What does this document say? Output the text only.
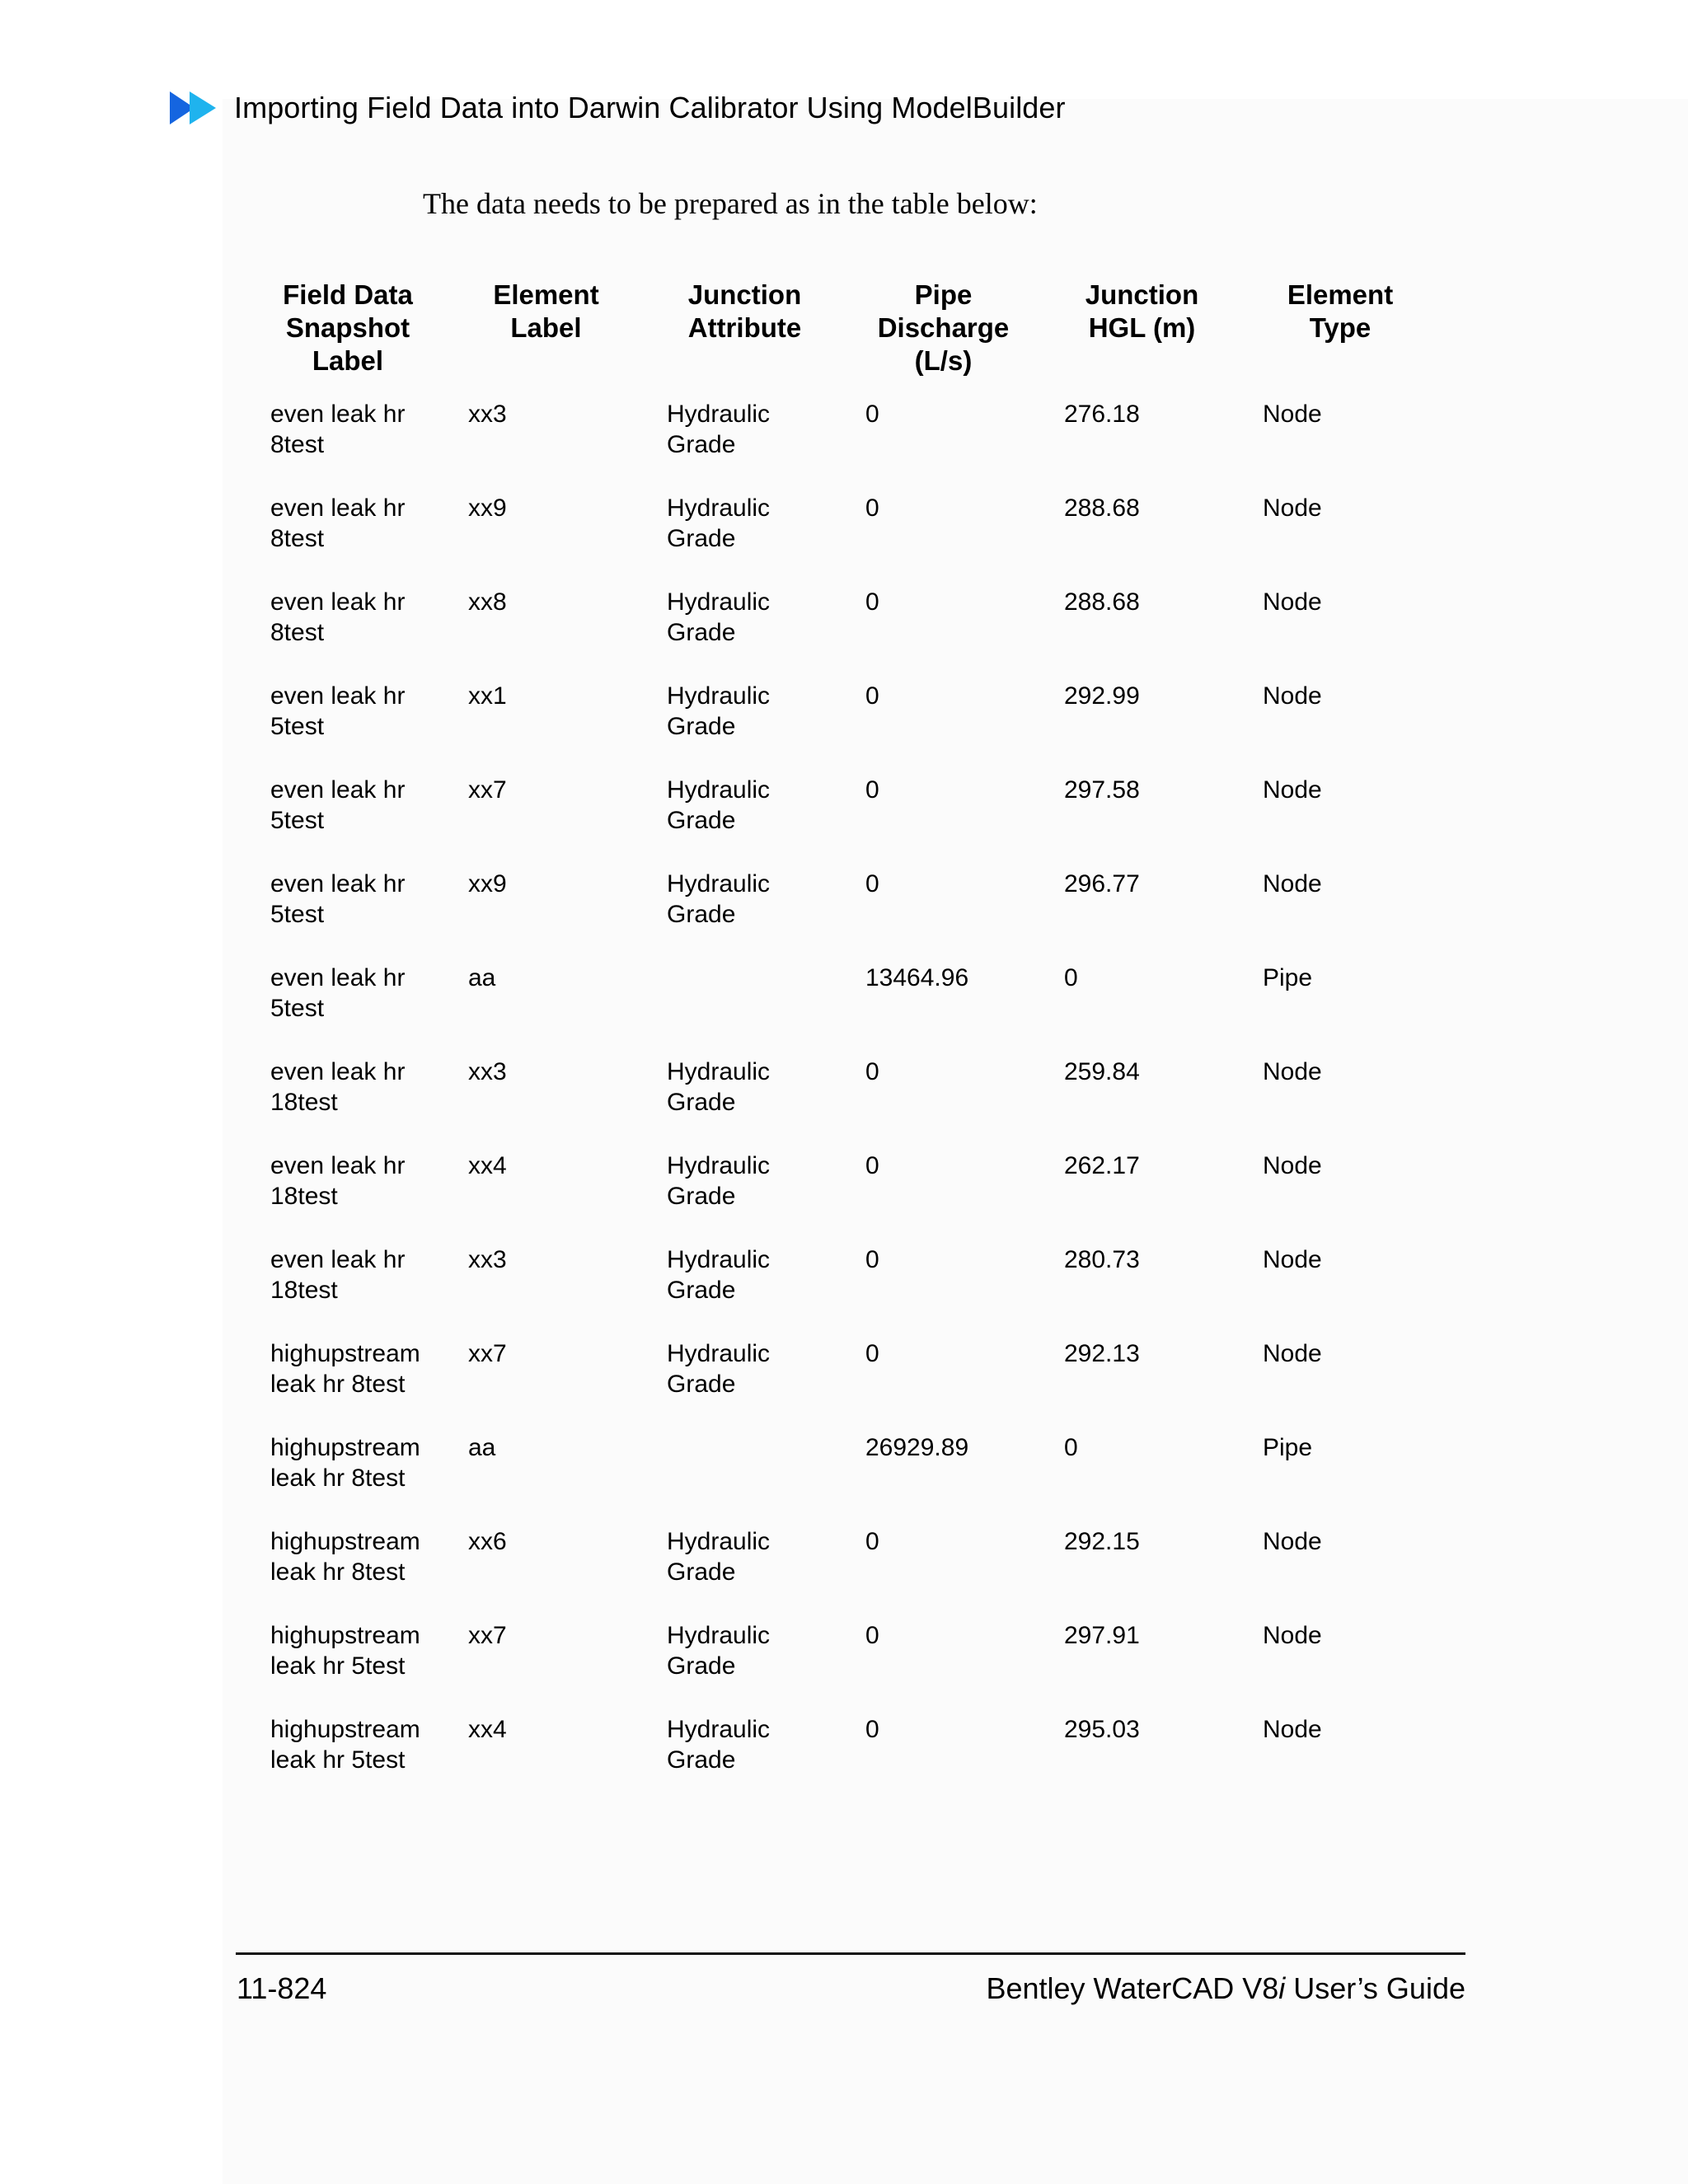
Importing Field Data into Darwin Calibrator Using ModelBuilder
The data needs to be prepared as in the table below:
Field Data
Snapshot
Label	Element
Label	Junction
Attribute	Pipe
Discharge
(L/s)	Junction
HGL (m)	Element
Type

even leak hr
8test	xx3	Hydraulic
Grade	0	276.18	Node

even leak hr
8test	xx9	Hydraulic
Grade	0	288.68	Node

even leak hr
8test	xx8	Hydraulic
Grade	0	288.68	Node

even leak hr
5test	xx1	Hydraulic
Grade	0	292.99	Node

even leak hr
5test	xx7	Hydraulic
Grade	0	297.58	Node

even leak hr
5test	xx9	Hydraulic
Grade	0	296.77	Node

even leak hr
5test	aa		13464.96	0	Pipe

even leak hr
18test	xx3	Hydraulic
Grade	0	259.84	Node

even leak hr
18test	xx4	Hydraulic
Grade	0	262.17	Node

even leak hr
18test	xx3	Hydraulic
Grade	0	280.73	Node

highupstream
leak hr 8test	xx7	Hydraulic
Grade	0	292.13	Node

highupstream
leak hr 8test	aa		26929.89	0	Pipe

highupstream
leak hr 8test	xx6	Hydraulic
Grade	0	292.15	Node

highupstream
leak hr 5test	xx7	Hydraulic
Grade	0	297.91	Node

highupstream
leak hr 5test	xx4	Hydraulic
Grade	0	295.03	Node
11-824	Bentley WaterCAD V8i User’s Guide
